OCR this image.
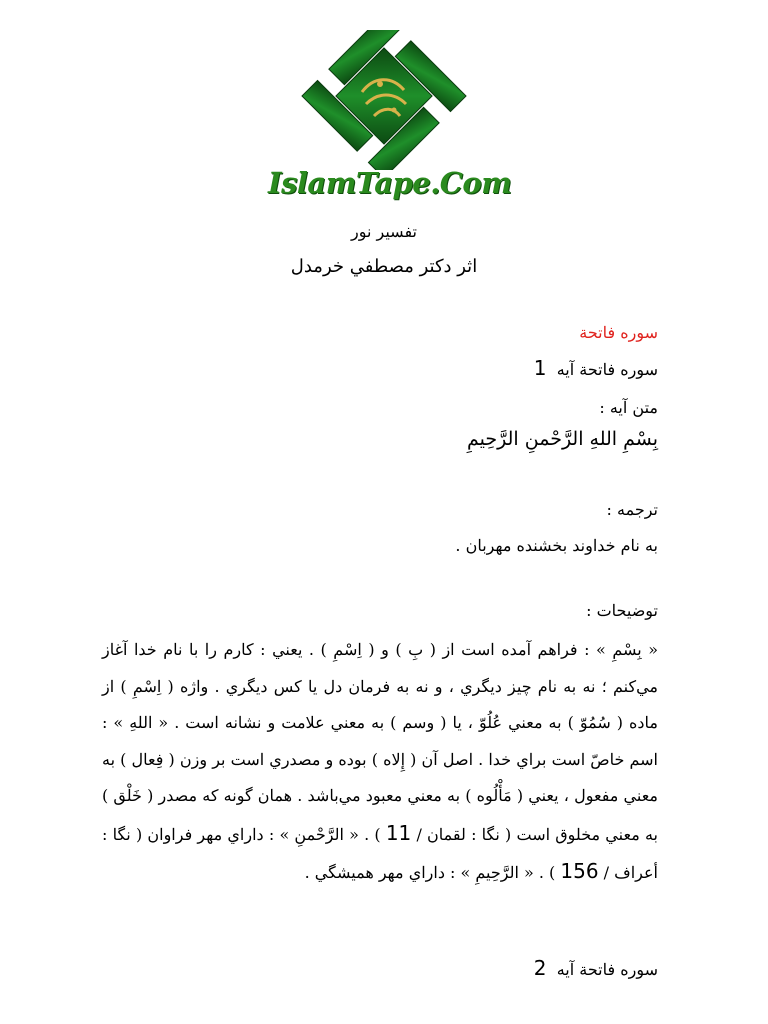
IslamTape.Com
تفسير نور
اثر دكتر مصطفي خرمدل
سوره فاتحة
سوره فاتحة آيه  1
متن آيه :
بِسْمِ اللهِ الرَّحْمنِ الرَّحِيمِ
ترجمه :
به نام خداوند بخشنده مهربان .
توضيحات :
« بِسْمِ » : فراهم آمده است از ( بِ ) و ( اِسْمِ ) . يعني : كارم را با نام خدا آغاز مي‌كنم ؛ نه به نام چيز ديگري ، و نه به فرمان دل يا كس ديگري . واژه ( اِسْمِ ) از ماده ( سُمُوّ ) به معني عُلُوّ ، يا ( وسم ) به معني علامت و نشانه است . « اللهِ » : اسم خاصّ است براي خدا . اصل آن ( إِلاه ) بوده و مصدري است بر وزن ( فِعال ) به معني مفعول ، يعني ( مَأْلُوه ) به معني معبود مي‌باشد . همان گونه كه مصدر ( خَلْق ) به معني مخلوق است ( نگا : لقمان / 11 ) . « الرَّحْمنِ » : داراي مهر فراوان ( نگا : أعراف / 156 ) . « الرَّحِيمِ » : داراي مهر هميشگي .
سوره فاتحة آيه  2
